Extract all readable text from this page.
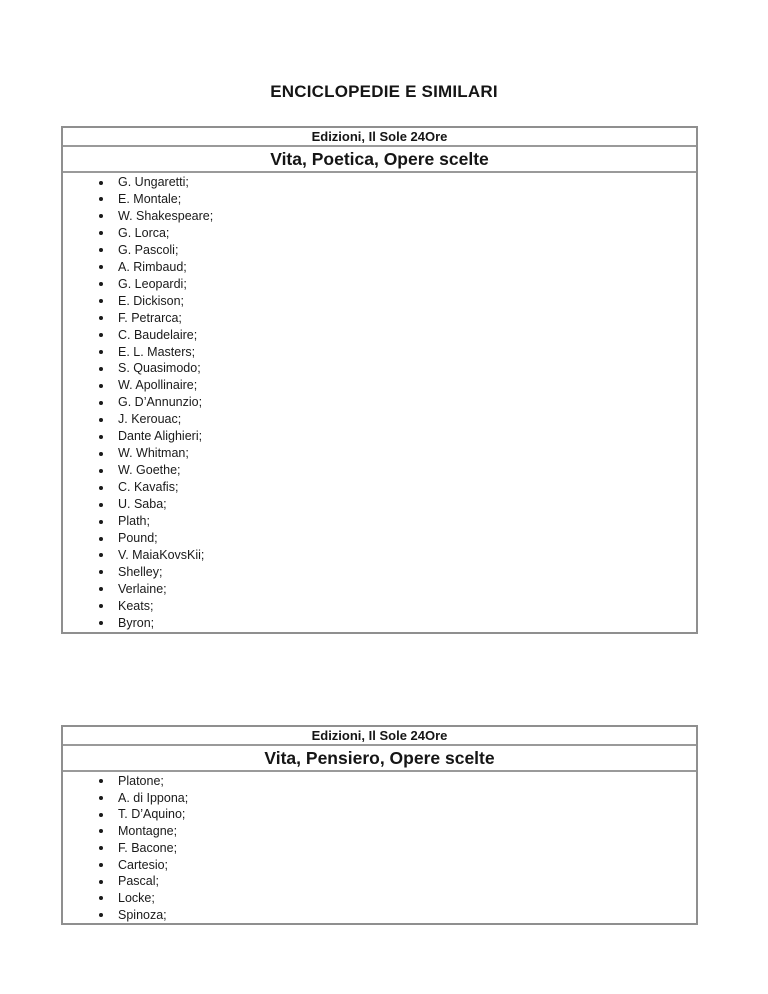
ENCICLOPEDIE E SIMILARI
Edizioni, Il Sole 24Ore
Vita, Poetica, Opere scelte
G. Ungaretti;
E. Montale;
W. Shakespeare;
G. Lorca;
G. Pascoli;
A. Rimbaud;
G. Leopardi;
E. Dickison;
F. Petrarca;
C. Baudelaire;
E. L. Masters;
S. Quasimodo;
W. Apollinaire;
G. D’Annunzio;
J. Kerouac;
Dante Alighieri;
W. Whitman;
W. Goethe;
C. Kavafis;
U. Saba;
Plath;
Pound;
V. MaiaKovsKii;
Shelley;
Verlaine;
Keats;
Byron;
Edizioni, Il Sole 24Ore
Vita, Pensiero, Opere scelte
Platone;
A. di Ippona;
T. D’Aquino;
Montagne;
F. Bacone;
Cartesio;
Pascal;
Locke;
Spinoza;
